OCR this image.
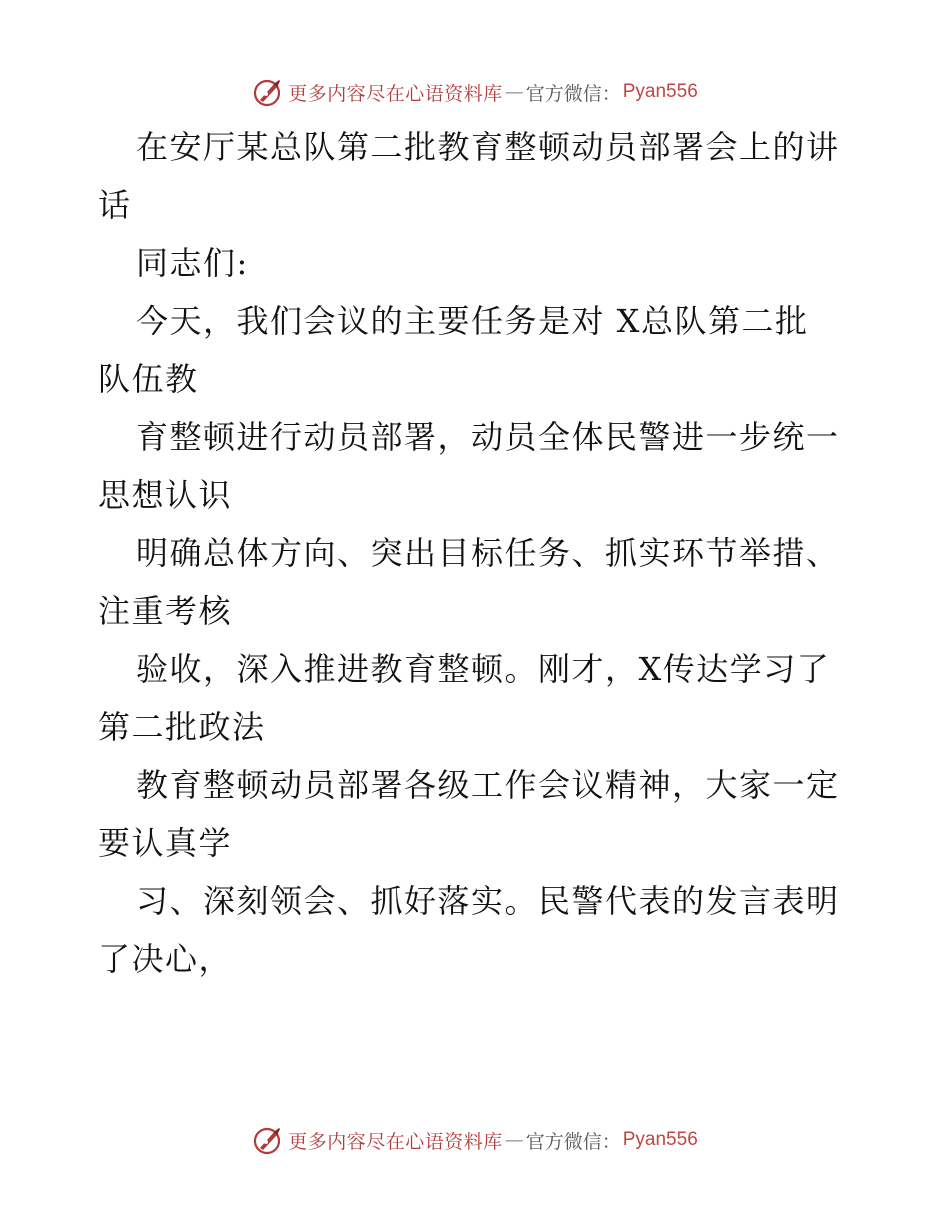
更多内容尽在心语资料库 — 官方微信： Pyan556
在安厅某总队第二批教育整顿动员部署会上的讲
话
同志们:
今天，我们会议的主要任务是对 X总队第二批
队伍教
育整顿进行动员部署，动员全体民警进一步统一
思想认识
明确总体方向、突出目标任务、抓实环节举措、
注重考核
验收，深入推进教育整顿。刚才，X传达学习了
第二批政法
教育整顿动员部署各级工作会议精神，大家一定
要认真学
习、深刻领会、抓好落实。民警代表的发言表明
了决心，
更多内容尽在心语资料库 — 官方微信： Pyan556
